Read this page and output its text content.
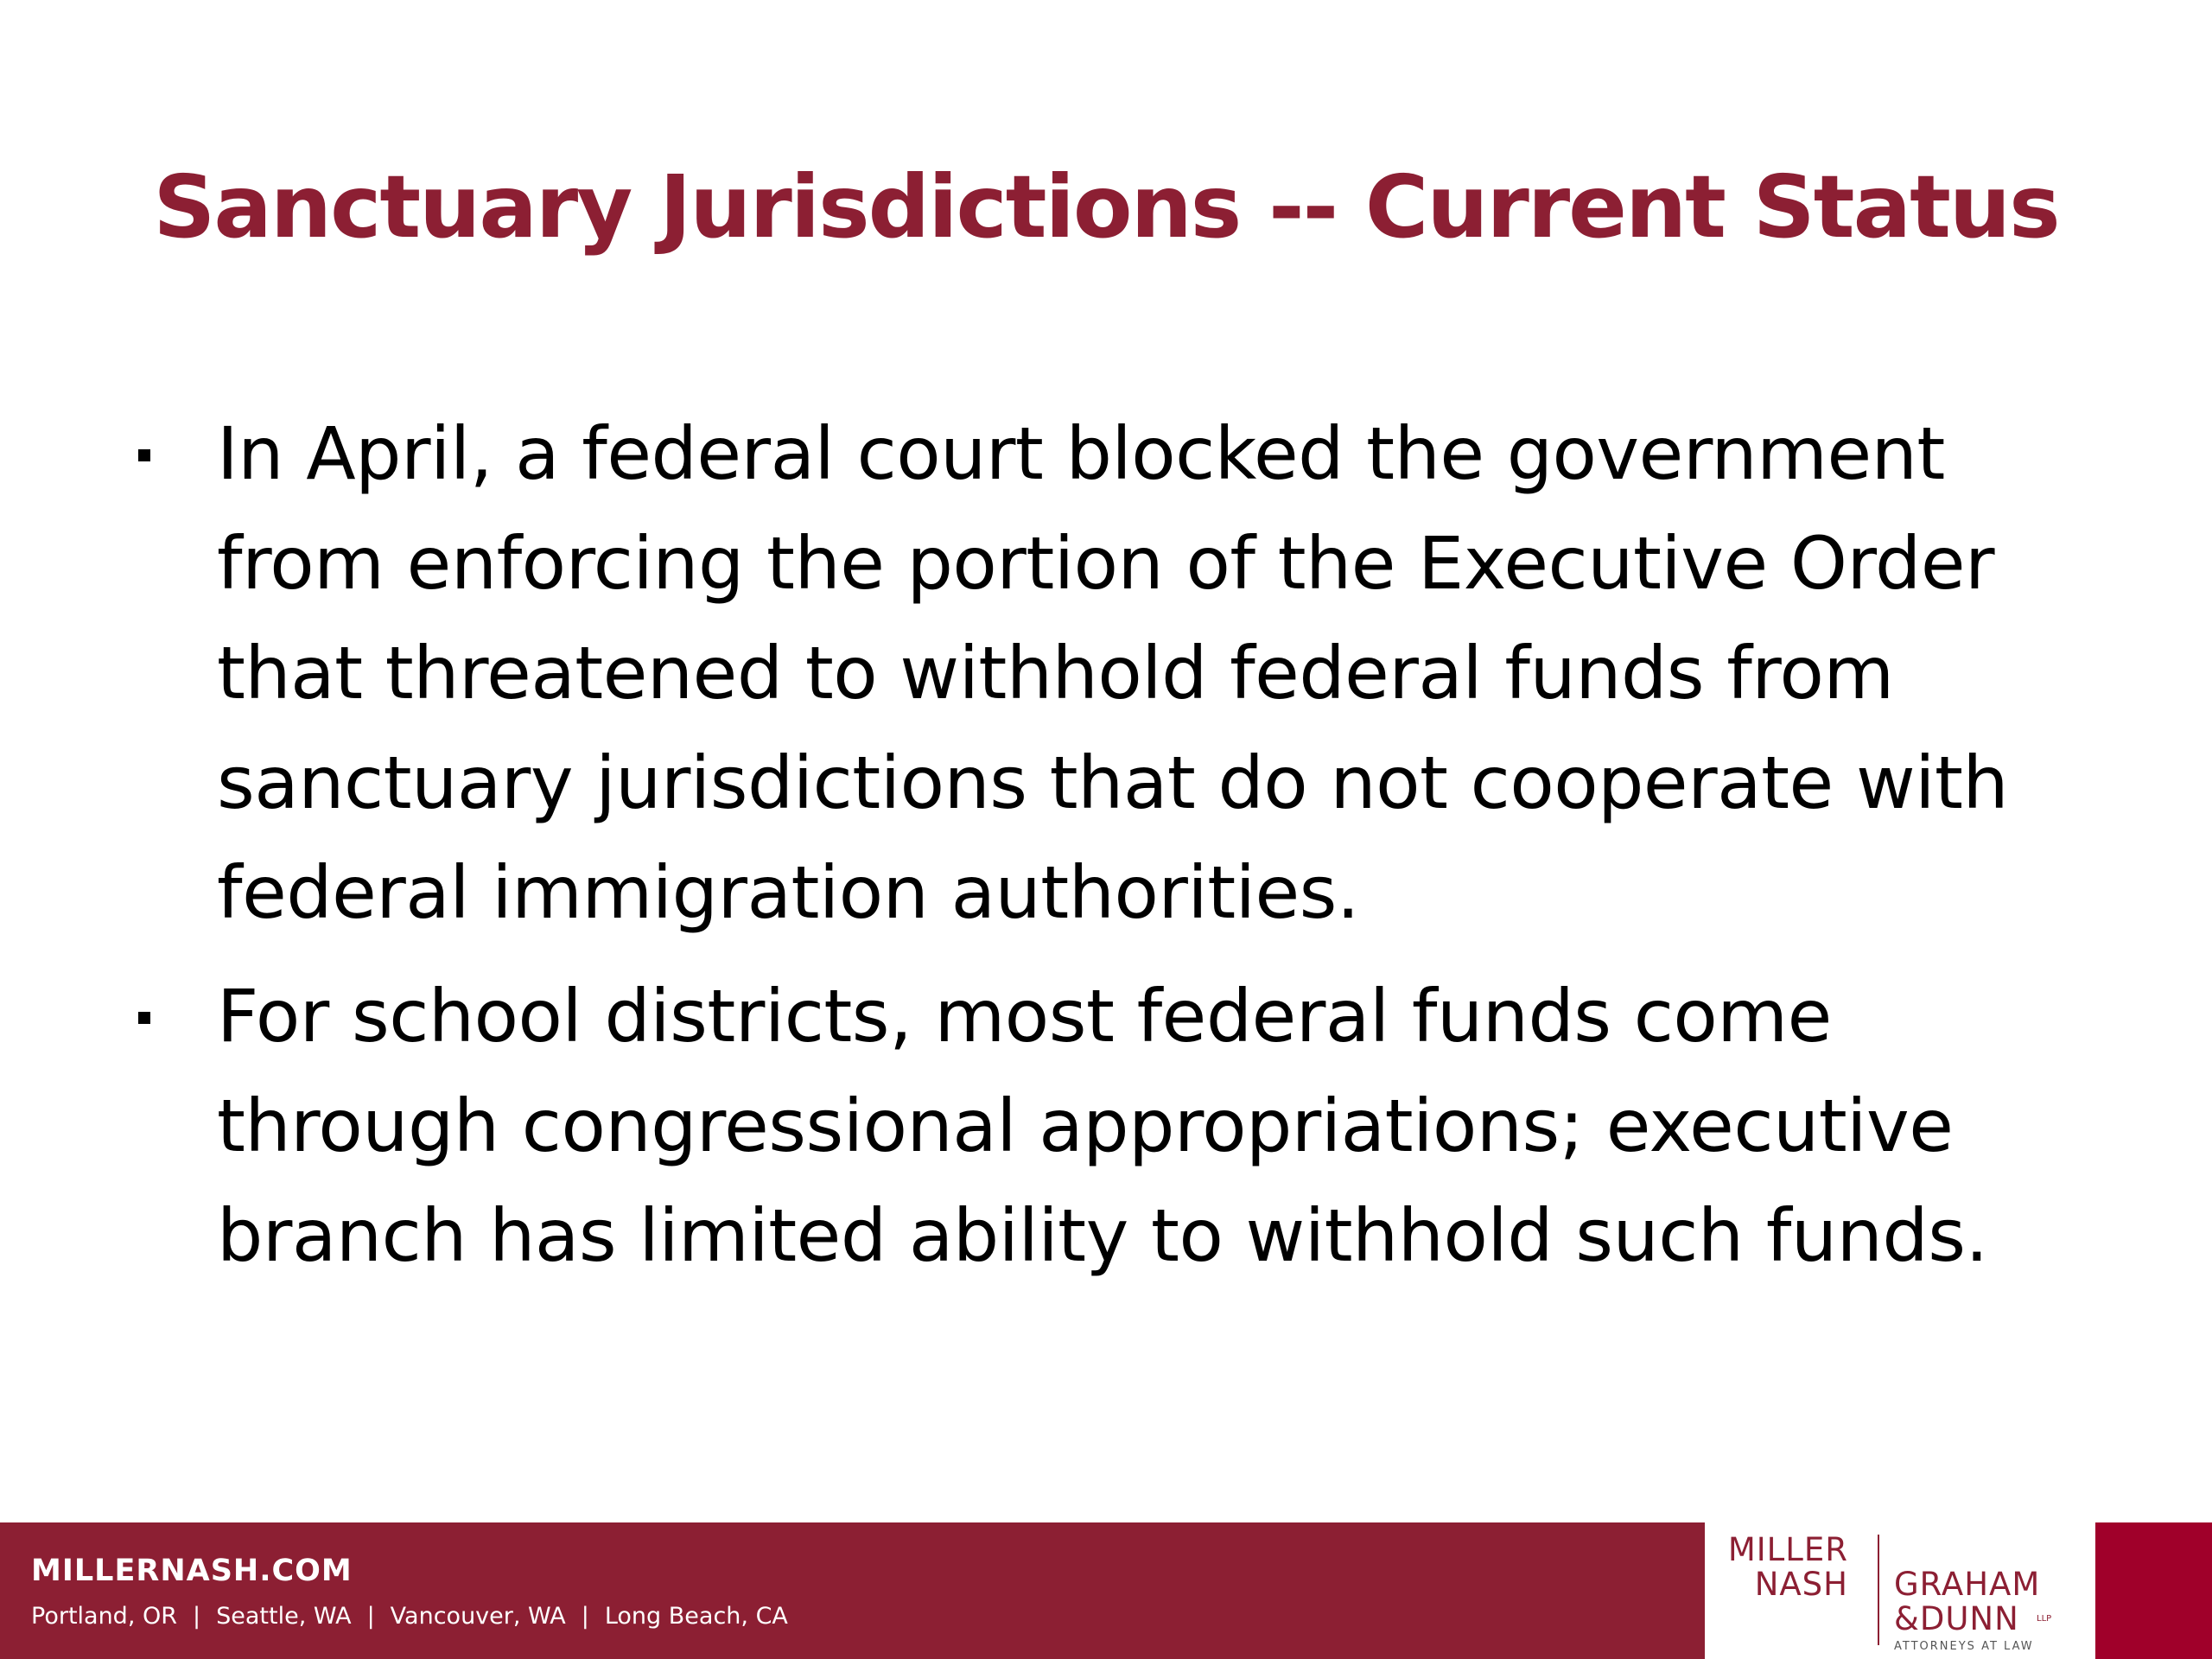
Sanctuary Jurisdictions -- Current Status
In April, a federal court blocked the government from enforcing the portion of the Executive Order that threatened to withhold federal funds from sanctuary jurisdictions that do not cooperate with federal immigration authorities.
For school districts, most federal funds come through congressional appropriations; executive branch has limited ability to withhold such funds.
MILLERNASH.COM
Portland, OR | Seattle, WA | Vancouver, WA | Long Beach, CA
MILLER
NASH GRAHAM
&DUNN LLP
ATTORNEYS AT LAW
